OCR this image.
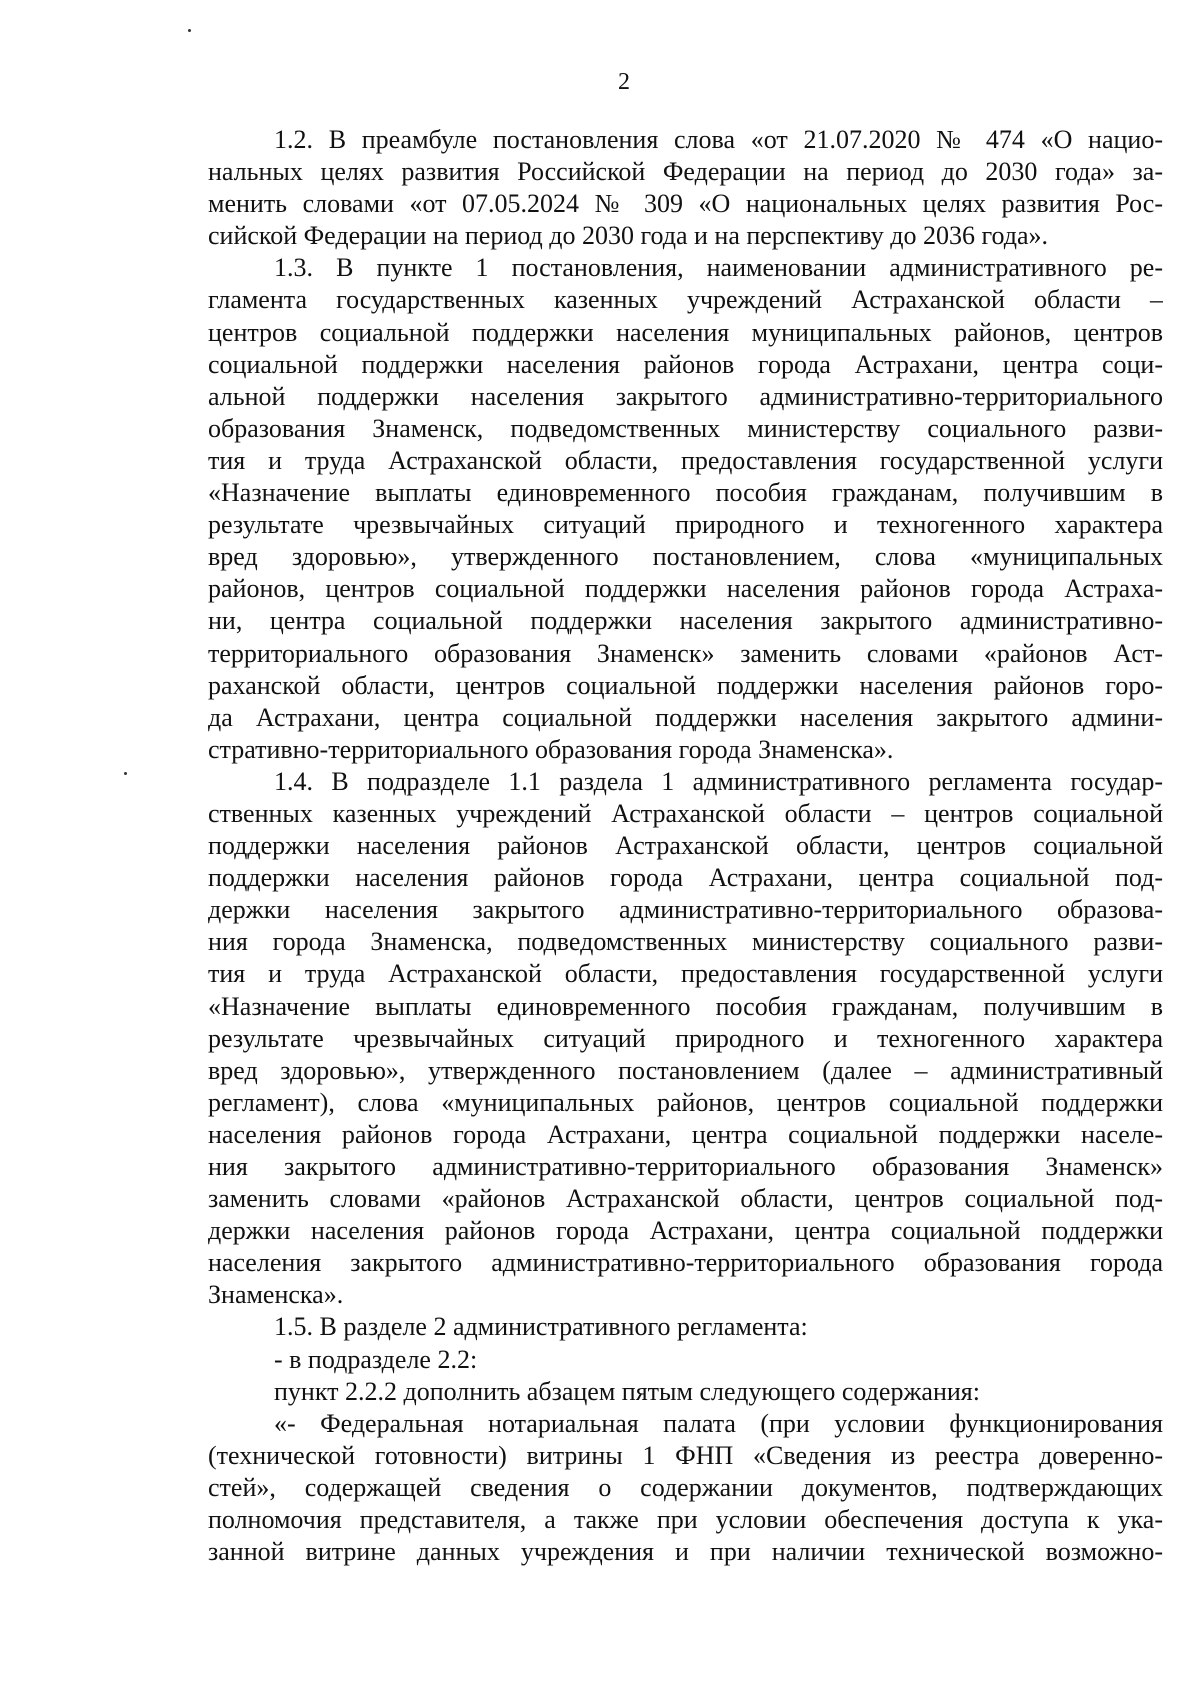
2
1.2. В преамбуле постановления слова «от 21.07.2020 № 474 «О нацио-
нальных целях развития Российской Федерации на период до 2030 года» за-
менить словами «от 07.05.2024 № 309 «О национальных целях развития Рос-
сийской Федерации на период до 2030 года и на перспективу до 2036 года».
1.3. В пункте 1 постановления, наименовании административного ре-
гламента государственных казенных учреждений Астраханской области –
центров социальной поддержки населения муниципальных районов, центров
социальной поддержки населения районов города Астрахани, центра соци-
альной поддержки населения закрытого административно-территориального
образования Знаменск, подведомственных министерству социального разви-
тия и труда Астраханской области, предоставления государственной услуги
«Назначение выплаты единовременного пособия гражданам, получившим в
результате чрезвычайных ситуаций природного и техногенного характера
вред здоровью», утвержденного постановлением, слова «муниципальных
районов, центров социальной поддержки населения районов города Астраха-
ни, центра социальной поддержки населения закрытого административно-
территориального образования Знаменск» заменить словами «районов Аст-
раханской области, центров социальной поддержки населения районов горо-
да Астрахани, центра социальной поддержки населения закрытого админи-
стративно-территориального образования города Знаменска».
1.4. В подразделе 1.1 раздела 1 административного регламента государ-
ственных казенных учреждений Астраханской области – центров социальной
поддержки населения районов Астраханской области, центров социальной
поддержки населения районов города Астрахани, центра социальной под-
держки населения закрытого административно-территориального образова-
ния города Знаменска, подведомственных министерству социального разви-
тия и труда Астраханской области, предоставления государственной услуги
«Назначение выплаты единовременного пособия гражданам, получившим в
результате чрезвычайных ситуаций природного и техногенного характера
вред здоровью», утвержденного постановлением (далее – административный
регламент), слова «муниципальных районов, центров социальной поддержки
населения районов города Астрахани, центра социальной поддержки населе-
ния закрытого административно-территориального образования Знаменск»
заменить словами «районов Астраханской области, центров социальной под-
держки населения районов города Астрахани, центра социальной поддержки
населения закрытого административно-территориального образования города
Знаменска».
1.5. В разделе 2 административного регламента:
- в подразделе 2.2:
пункт 2.2.2 дополнить абзацем пятым следующего содержания:
«- Федеральная нотариальная палата (при условии функционирования
(технической готовности) витрины 1 ФНП «Сведения из реестра доверенно-
стей», содержащей сведения о содержании документов, подтверждающих
полномочия представителя, а также при условии обеспечения доступа к ука-
занной витрине данных учреждения и при наличии технической возможно-
